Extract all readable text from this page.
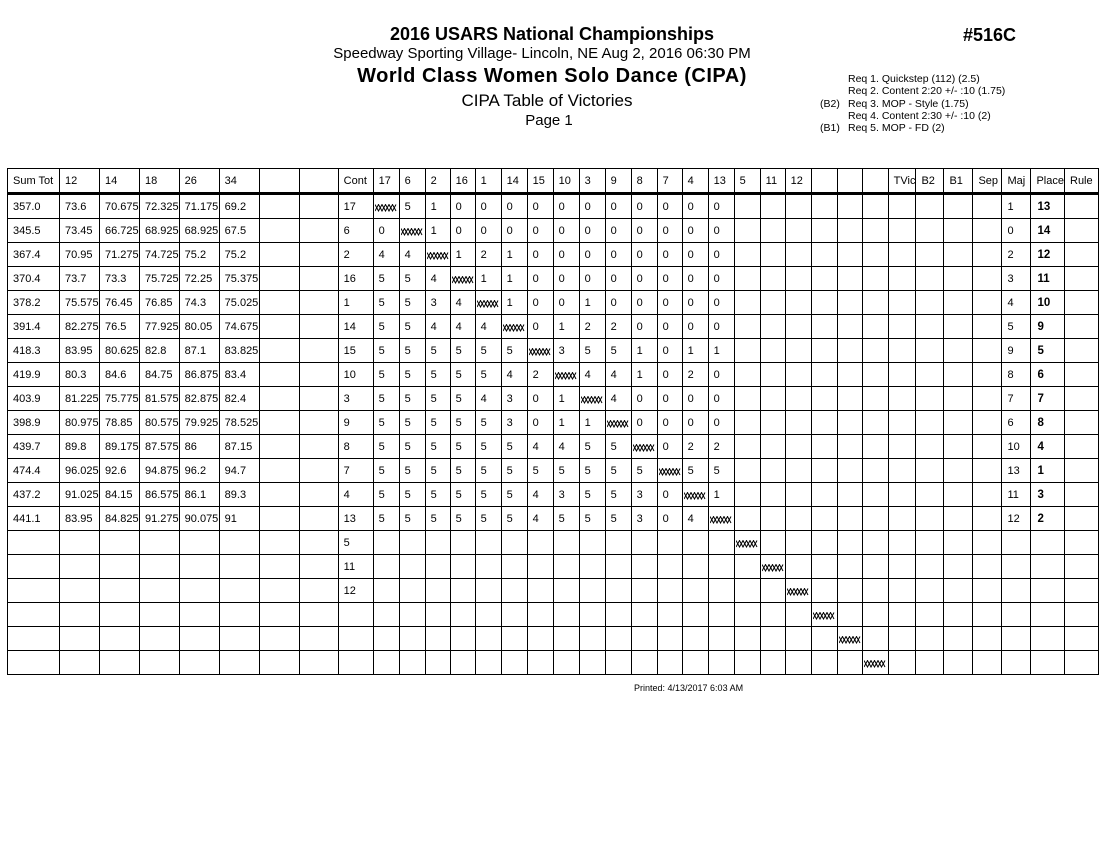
2016 USARS National Championships
Speedway Sporting Village- Lincoln, NE Aug 2, 2016 06:30 PM
World Class Women Solo Dance (CIPA)
CIPA Table of Victories
Page 1
#516C
Req 1. Quickstep (112) (2.5)
Req 2. Content 2:20 +/- :10 (1.75)
(B2) Req 3. MOP - Style (1.75)
Req 4. Content 2:30 +/- :10 (2)
(B1) Req 5. MOP - FD (2)
Sum Tot	12	14	18	26	34			Cont	17	6	2	16	1	14	15	10	3	9	8	7	4	13	5	11	12				TVic	B2	B1	Sep	Maj	Place	Rule
357.0	73.6	70.675	72.325	71.175	69.2			17		5	1	0	0	0	0	0	0	0	0	0	0	0											1	13	
345.5	73.45	66.725	68.925	68.925	67.5			6	0		1	0	0	0	0	0	0	0	0	0	0	0											0	14	
367.4	70.95	71.275	74.725	75.2	75.2			2	4	4		1	2	1	0	0	0	0	0	0	0	0											2	12	
370.4	73.7	73.3	75.725	72.25	75.375			16	5	5	4		1	1	0	0	0	0	0	0	0	0											3	11	
378.2	75.575	76.45	76.85	74.3	75.025			1	5	5	3	4		1	0	0	1	0	0	0	0	0											4	10	
391.4	82.275	76.5	77.925	80.05	74.675			14	5	5	4	4	4		0	1	2	2	0	0	0	0											5	9	
418.3	83.95	80.625	82.8	87.1	83.825			15	5	5	5	5	5	5		3	5	5	1	0	1	1											9	5	
419.9	80.3	84.6	84.75	86.875	83.4			10	5	5	5	5	5	4	2		4	4	1	0	2	0											8	6	
403.9	81.225	75.775	81.575	82.875	82.4			3	5	5	5	5	4	3	0	1		4	0	0	0	0											7	7	
398.9	80.975	78.85	80.575	79.925	78.525			9	5	5	5	5	5	3	0	1	1		0	0	0	0											6	8	
439.7	89.8	89.175	87.575	86	87.15			8	5	5	5	5	5	5	4	4	5	5		0	2	2											10	4	
474.4	96.025	92.6	94.875	96.2	94.7			7	5	5	5	5	5	5	5	5	5	5	5		5	5											13	1	
437.2	91.025	84.15	86.575	86.1	89.3			4	5	5	5	5	5	5	4	3	5	5	3	0		1											11	3	
441.1	83.95	84.825	91.275	90.075	91			13	5	5	5	5	5	5	4	5	5	5	3	0	4												12	2	
								5																											
								11																											
								12																											

Printed: 4/13/2017 6:03 AM
